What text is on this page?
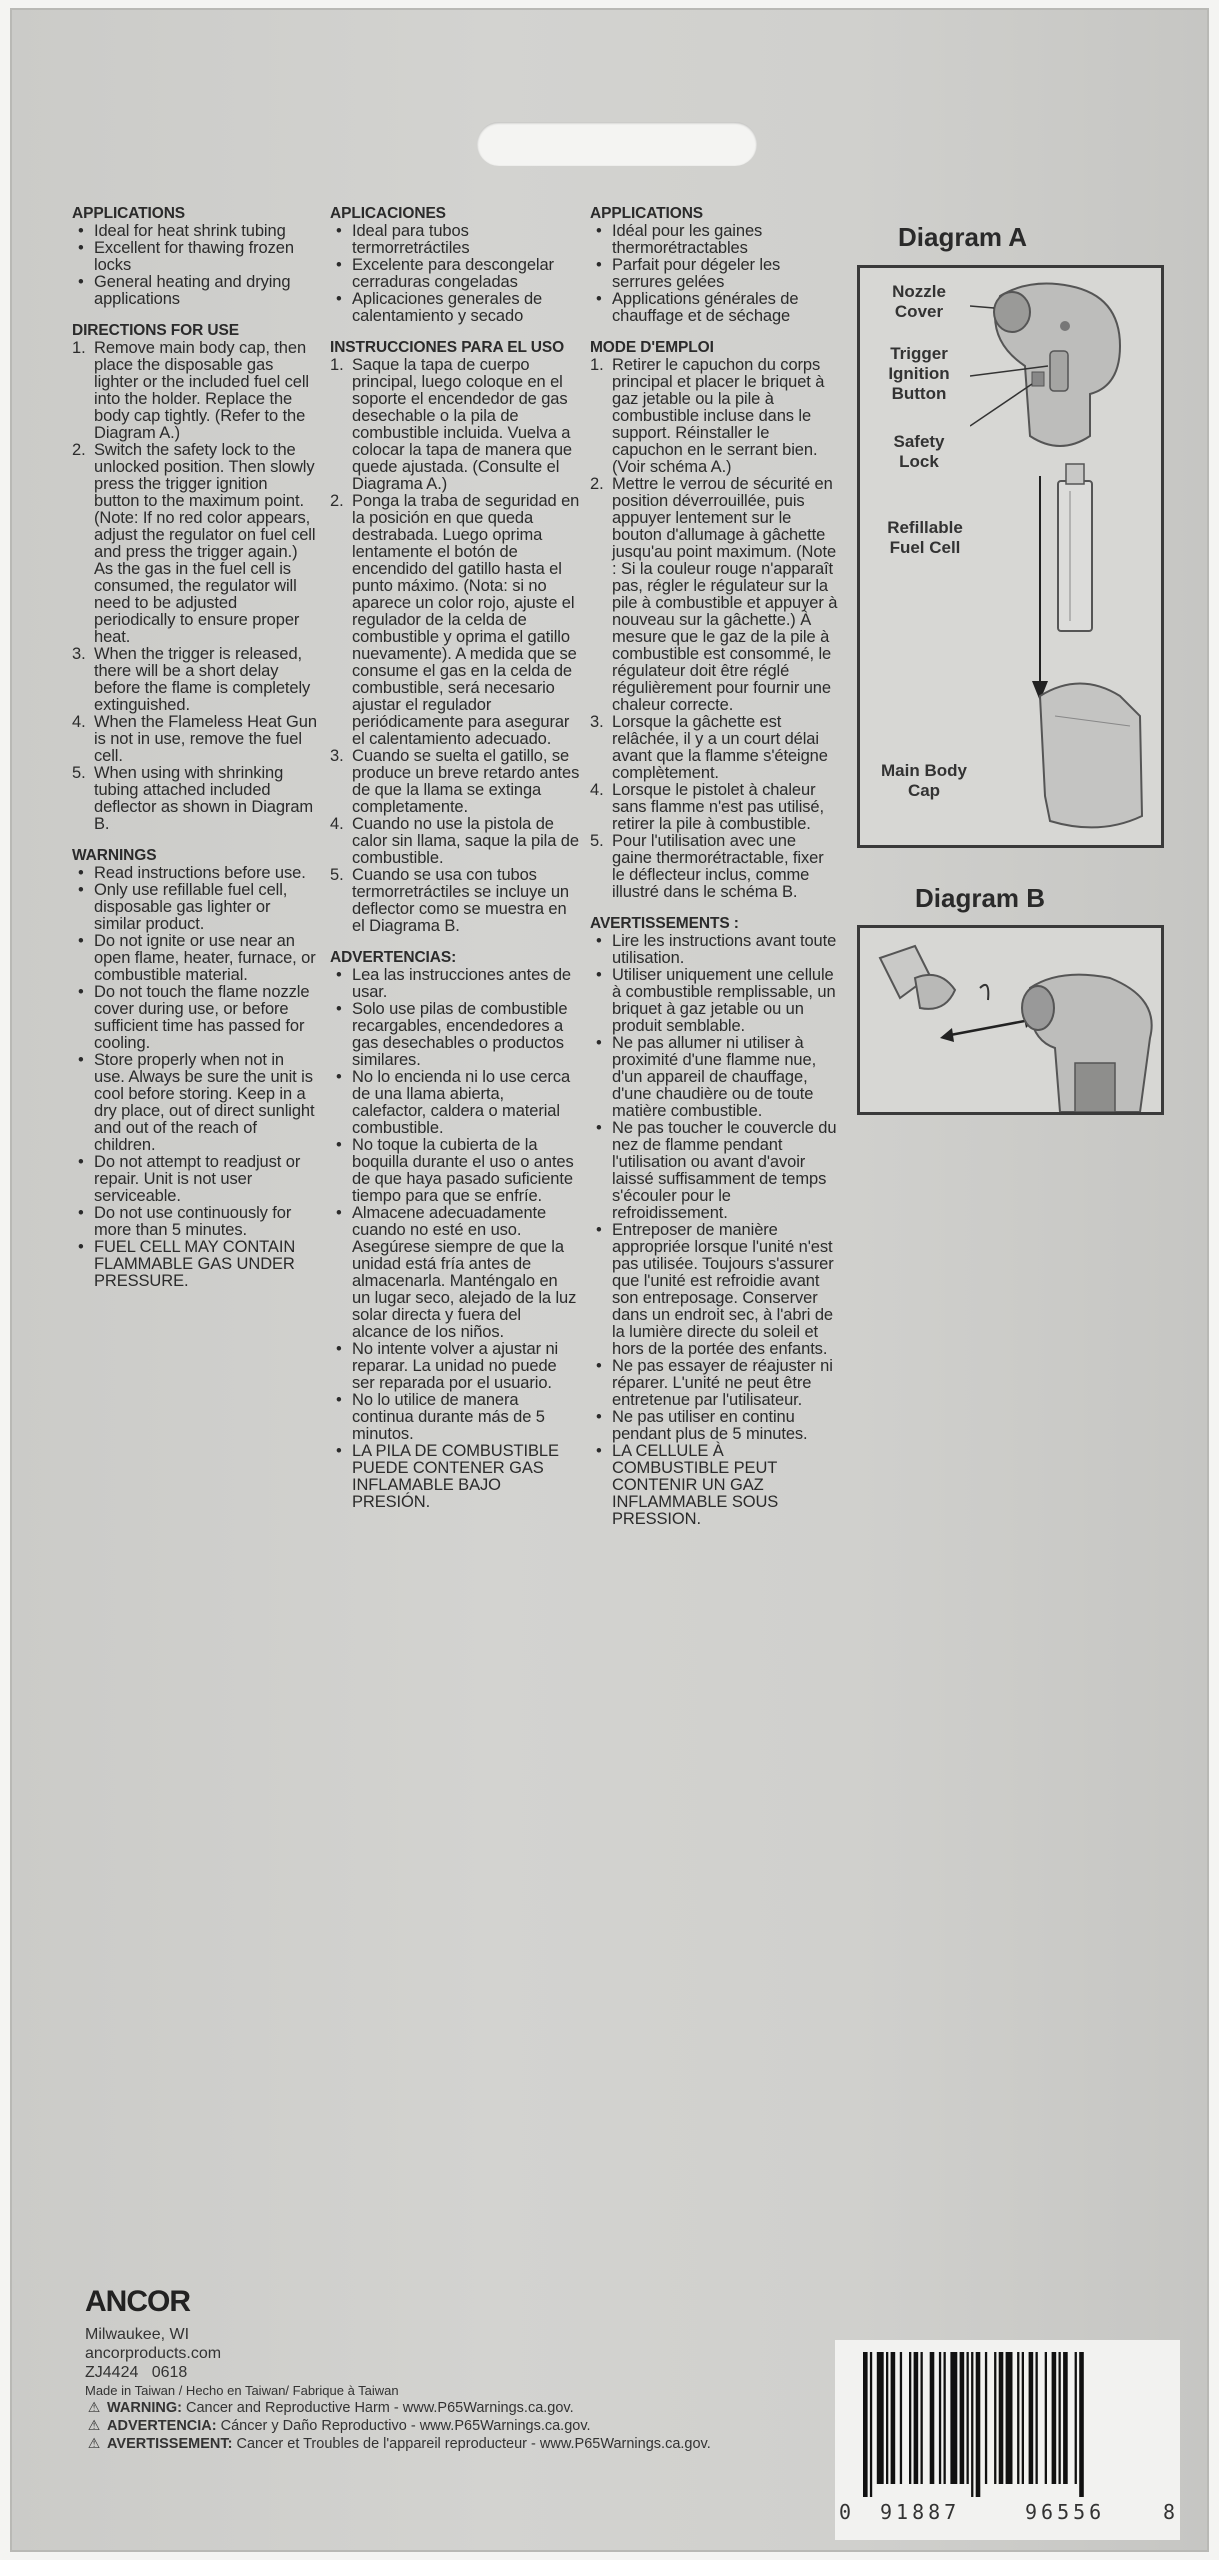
APPLICATIONS
• Ideal for heat shrink tubing
• Excellent for thawing frozen locks
• General heating and drying applications
DIRECTIONS FOR USE
1. Remove main body cap, then place the disposable gas lighter or the included fuel cell into the holder. Replace the body cap tightly. (Refer to the Diagram A.)
2. Switch the safety lock to the unlocked position. Then slowly press the trigger ignition button to the maximum point. (Note: If no red color appears, adjust the regulator on fuel cell and press the trigger again.) As the gas in the fuel cell is consumed, the regulator will need to be adjusted periodically to ensure proper heat.
3. When the trigger is released, there will be a short delay before the flame is completely extinguished.
4. When the Flameless Heat Gun is not in use, remove the fuel cell.
5. When using with shrinking tubing attached included deflector as shown in Diagram B.
WARNINGS
• Read instructions before use.
• Only use refillable fuel cell, disposable gas lighter or similar product.
• Do not ignite or use near an open flame, heater, furnace, or combustible material.
• Do not touch the flame nozzle cover during use, or before sufficient time has passed for cooling.
• Store properly when not in use. Always be sure the unit is cool before storing. Keep in a dry place, out of direct sunlight and out of the reach of children.
• Do not attempt to readjust or repair. Unit is not user serviceable.
• Do not use continuously for more than 5 minutes.
• FUEL CELL MAY CONTAIN FLAMMABLE GAS UNDER PRESSURE.
APLICACIONES
• Ideal para tubos termorretráctiles
• Excelente para descongelar cerraduras congeladas
• Aplicaciones generales de calentamiento y secado
INSTRUCCIONES PARA EL USO
1. Saque la tapa de cuerpo principal, luego coloque en el soporte el encendedor de gas desechable o la pila de combustible incluida. Vuelva a colocar la tapa de manera que quede ajustada. (Consulte el Diagrama A.)
2. Ponga la traba de seguridad en la posición en que queda destrabada. Luego oprima lentamente el botón de encendido del gatillo hasta el punto máximo. (Nota: si no aparece un color rojo, ajuste el regulador de la celda de combustible y oprima el gatillo nuevamente). A medida que se consume el gas en la celda de combustible, será necesario ajustar el regulador periódicamente para asegurar el calentamiento adecuado.
3. Cuando se suelta el gatillo, se produce un breve retardo antes de que la llama se extinga completamente.
4. Cuando no use la pistola de calor sin llama, saque la pila de combustible.
5. Cuando se usa con tubos termorretráctiles se incluye un deflector como se muestra en el Diagrama B.
ADVERTENCIAS:
• Lea las instrucciones antes de usar.
• Solo use pilas de combustible recargables, encendedores a gas desechables o productos similares.
• No lo encienda ni lo use cerca de una llama abierta, calefactor, caldera o material combustible.
• No toque la cubierta de la boquilla durante el uso o antes de que haya pasado suficiente tiempo para que se enfríe.
• Almacene adecuadamente cuando no esté en uso. Asegúrese siempre de que la unidad está fría antes de almacenarla. Manténgalo en un lugar seco, alejado de la luz solar directa y fuera del alcance de los niños.
• No intente volver a ajustar ni reparar. La unidad no puede ser reparada por el usuario.
• No lo utilice de manera continua durante más de 5 minutos.
• LA PILA DE COMBUSTIBLE PUEDE CONTENER GAS INFLAMABLE BAJO PRESIÓN.
APPLICATIONS
• Idéal pour les gaines thermorétractables
• Parfait pour dégeler les serrures gelées
• Applications générales de chauffage et de séchage
MODE D'EMPLOI
1. Retirer le capuchon du corps principal et placer le briquet à gaz jetable ou la pile à combustible incluse dans le support. Réinstaller le capuchon en le serrant bien. (Voir schéma A.)
2. Mettre le verrou de sécurité en position déverrouillée, puis appuyer lentement sur le bouton d'allumage à gâchette jusqu'au point maximum. (Note : Si la couleur rouge n'apparaît pas, régler le régulateur sur la pile à combustible et appuyer à nouveau sur la gâchette.) À mesure que le gaz de la pile à combustible est consommé, le régulateur doit être réglé régulièrement pour fournir une chaleur correcte.
3. Lorsque la gâchette est relâchée, il y a un court délai avant que la flamme s'éteigne complètement.
4. Lorsque le pistolet à chaleur sans flamme n'est pas utilisé, retirer la pile à combustible.
5. Pour l'utilisation avec une gaine thermorétractable, fixer le déflecteur inclus, comme illustré dans le schéma B.
AVERTISSEMENTS :
• Lire les instructions avant toute utilisation.
• Utiliser uniquement une cellule à combustible remplissable, un briquet à gaz jetable ou un produit semblable.
• Ne pas allumer ni utiliser à proximité d'une flamme nue, d'un appareil de chauffage, d'une chaudière ou de toute matière combustible.
• Ne pas toucher le couvercle du nez de flamme pendant l'utilisation ou avant d'avoir laissé suffisamment de temps s'écouler pour le refroidissement.
• Entreposer de manière appropriée lorsque l'unité n'est pas utilisée. Toujours s'assurer que l'unité est refroidie avant son entreposage. Conserver dans un endroit sec, à l'abri de la lumière directe du soleil et hors de la portée des enfants.
• Ne pas essayer de réajuster ni réparer. L'unité ne peut être entretenue par l'utilisateur.
• Ne pas utiliser en continu pendant plus de 5 minutes.
• LA CELLULE À COMBUSTIBLE PEUT CONTENIR UN GAZ INFLAMMABLE SOUS PRESSION.
Diagram A
Nozzle Cover
Trigger Ignition Button
Safety Lock
Refillable Fuel Cell
Main Body Cap
Diagram B
ANCOR
Milwaukee, WI
ancorproducts.com
ZJ4424   0618
Made in Taiwan / Hecho en Taiwan/ Fabrique à Taiwan
⚠ WARNING: Cancer and Reproductive Harm - www.P65Warnings.ca.gov.
⚠ ADVERTENCIA: Cáncer y Daño Reproductivo - www.P65Warnings.ca.gov.
⚠ AVERTISSEMENT: Cancer et Troubles de l'appareil reproducteur - www.P65Warnings.ca.gov.
0 91887	96556	8
